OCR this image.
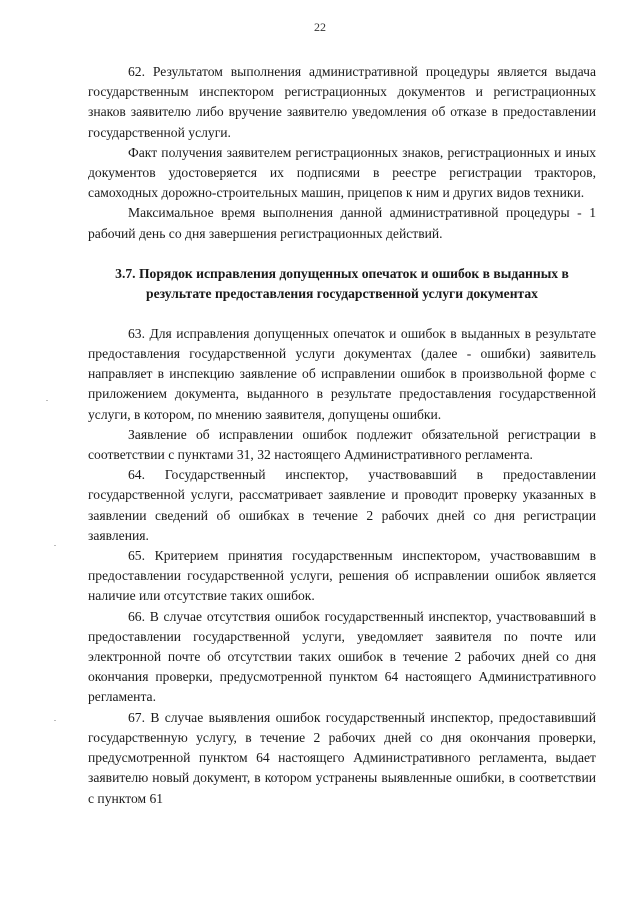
22

62. Результатом выполнения административной процедуры является выдача государственным инспектором регистрационных документов и регистрационных знаков заявителю либо вручение заявителю уведомления об отказе в предоставлении государственной услуги.

Факт получения заявителем регистрационных знаков, регистрационных и иных документов удостоверяется их подписями в реестре регистрации тракторов, самоходных дорожно-строительных машин, прицепов к ним и других видов техники.

Максимальное время выполнения данной административной процедуры - 1 рабочий день со дня завершения регистрационных действий.

3.7. Порядок исправления допущенных опечаток и ошибок в выданных в результате предоставления государственной услуги документах

63. Для исправления допущенных опечаток и ошибок в выданных в результате предоставления государственной услуги документах (далее - ошибки) заявитель направляет в инспекцию заявление об исправлении ошибок в произвольной форме с приложением документа, выданного в результате предоставления государственной услуги, в котором, по мнению заявителя, допущены ошибки.

Заявление об исправлении ошибок подлежит обязательной регистрации в соответствии с пунктами 31, 32 настоящего Административного регламента.

64. Государственный инспектор, участвовавший в предоставлении государственной услуги, рассматривает заявление и проводит проверку указанных в заявлении сведений об ошибках в течение 2 рабочих дней со дня регистрации заявления.

65. Критерием принятия государственным инспектором, участвовавшим в предоставлении государственной услуги, решения об исправлении ошибок является наличие или отсутствие таких ошибок.

66. В случае отсутствия ошибок государственный инспектор, участвовавший в предоставлении государственной услуги, уведомляет заявителя по почте или электронной почте об отсутствии таких ошибок в течение 2 рабочих дней со дня окончания проверки, предусмотренной пунктом 64 настоящего Административного регламента.

67. В случае выявления ошибок государственный инспектор, предоставивший государственную услугу, в течение 2 рабочих дней со дня окончания проверки, предусмотренной пунктом 64 настоящего Административного регламента, выдает заявителю новый документ, в котором устранены выявленные ошибки, в соответствии с пунктом 61
